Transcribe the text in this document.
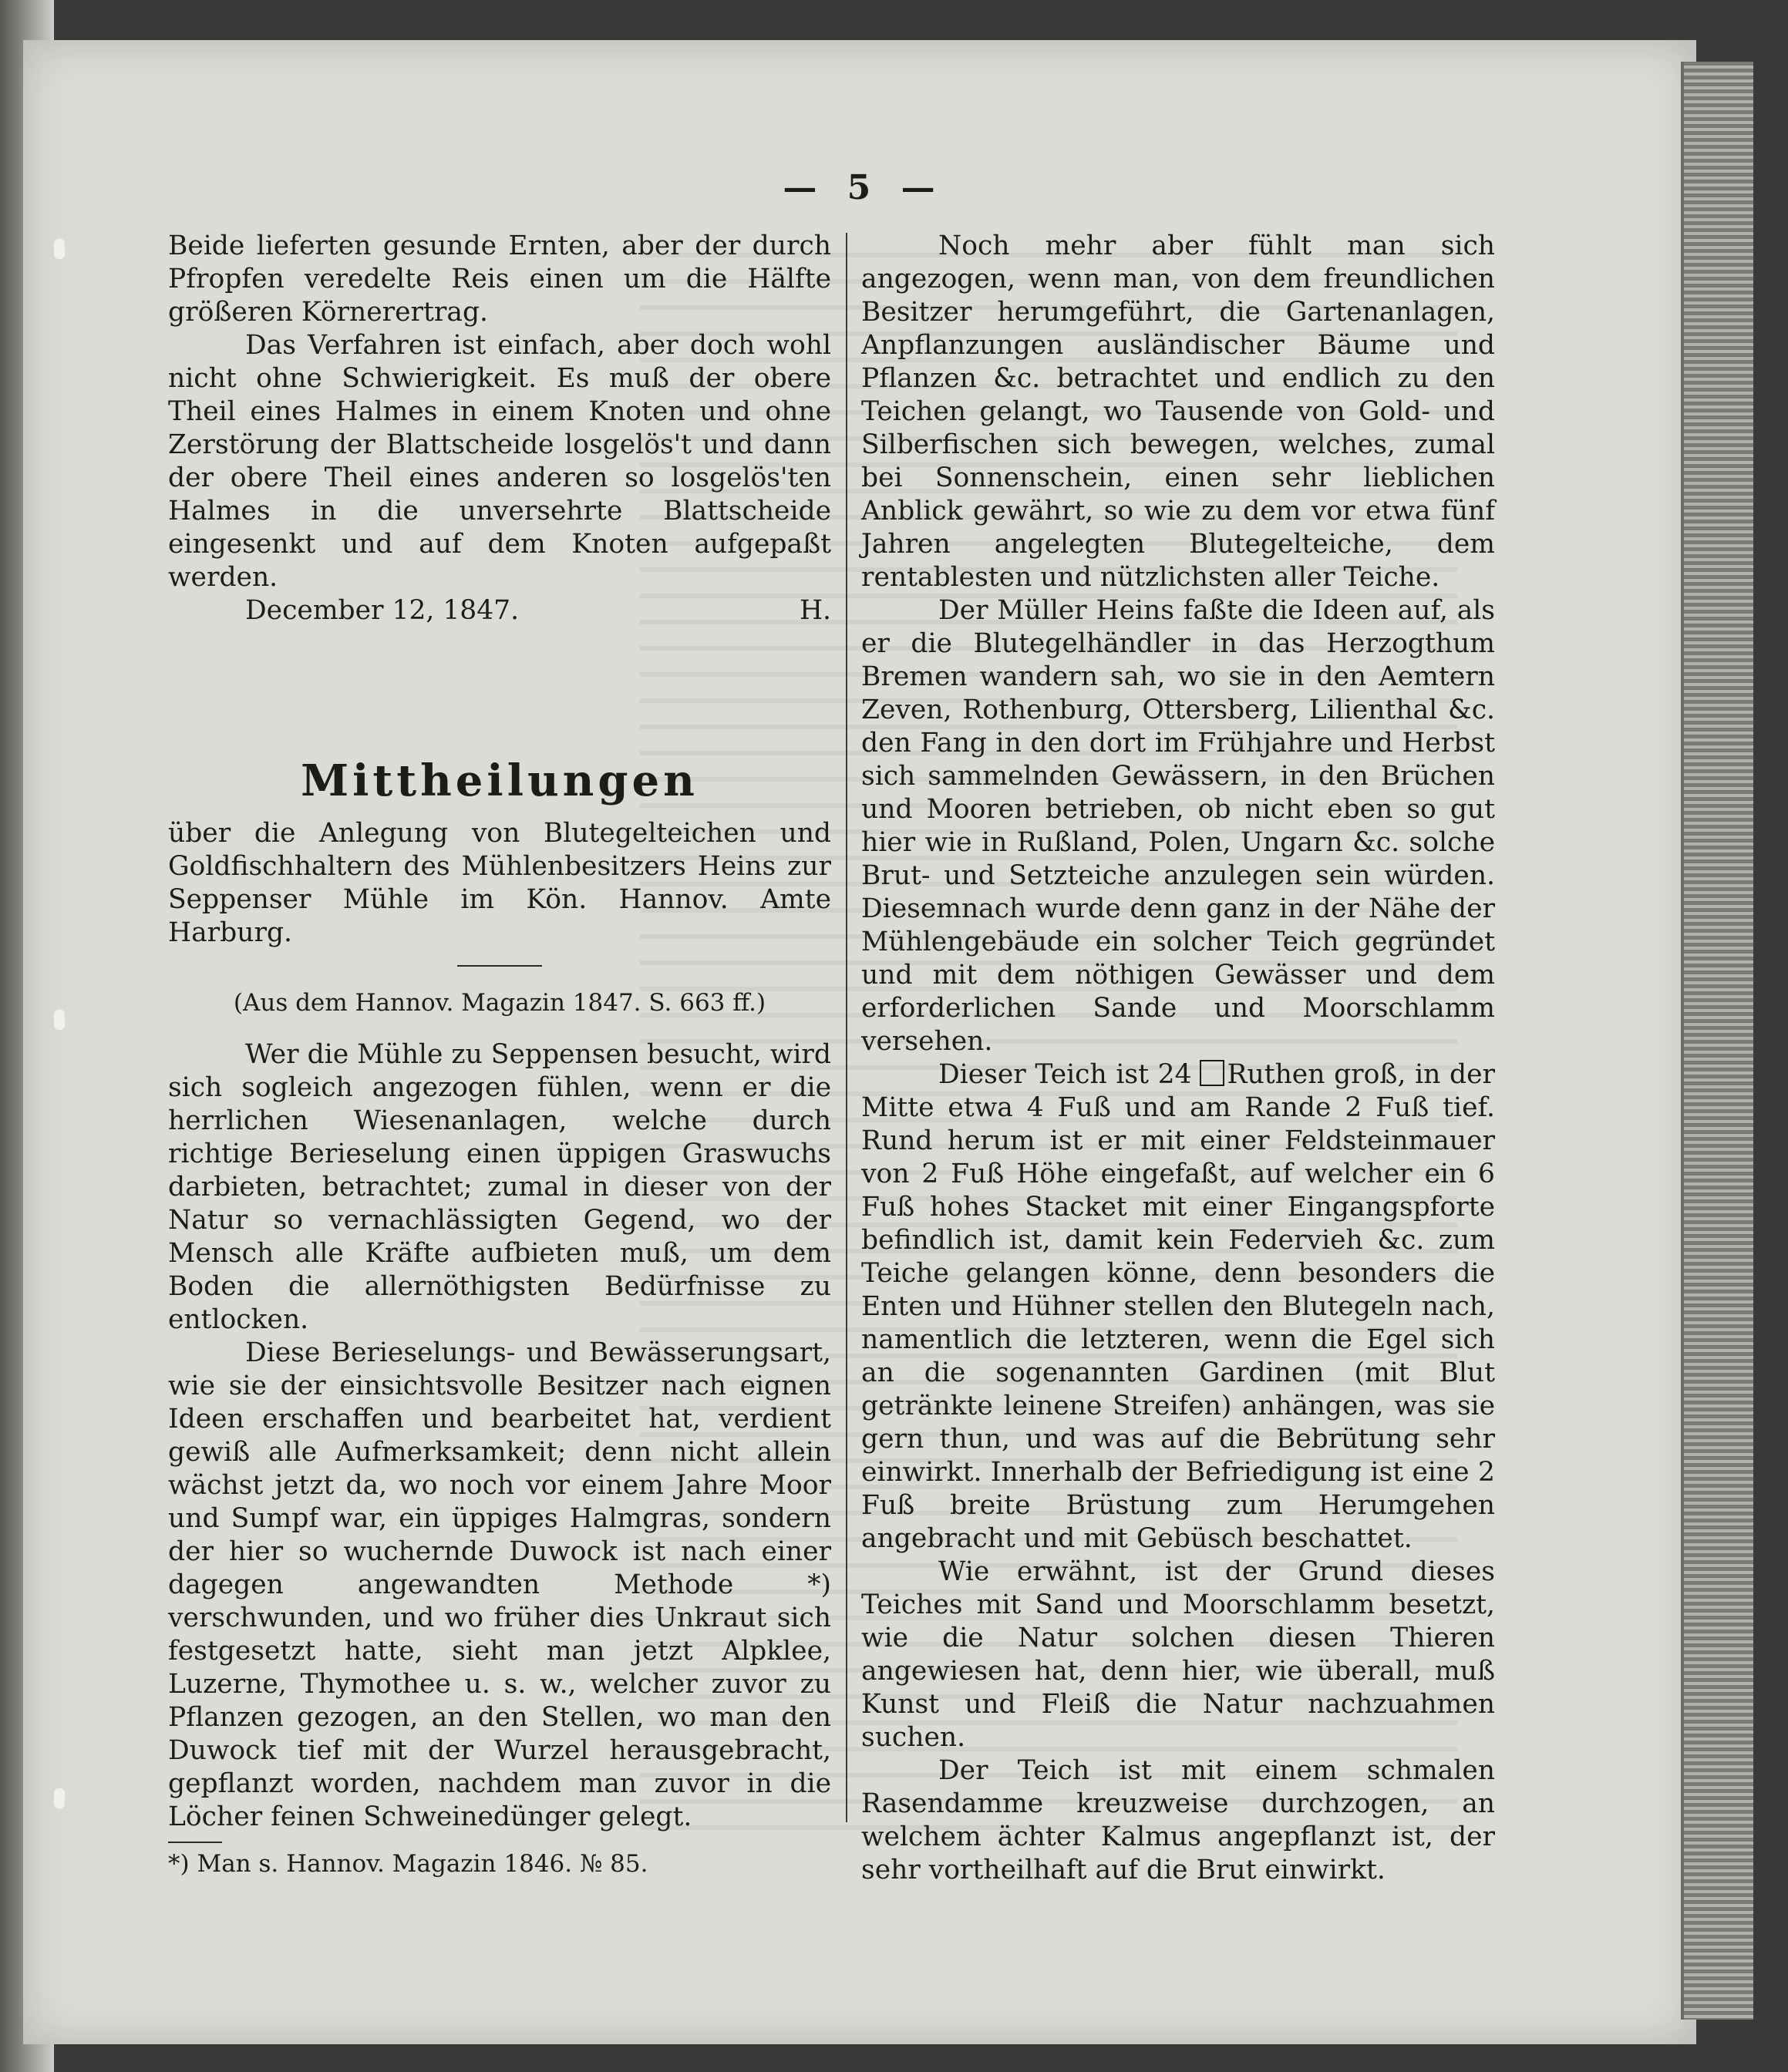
— 5 —

Beide lieferten gesunde Ernten, aber der durch Pfropfen veredelte Reis einen um die Hälfte größeren Körnerertrag.

Das Verfahren ist einfach, aber doch wohl nicht ohne Schwierigkeit. Es muß der obere Theil eines Halmes in einem Knoten und ohne Zerstörung der Blattscheide losgelös't und dann der obere Theil eines anderen so losgelös'ten Halmes in die unversehrte Blattscheide eingesenkt und auf dem Knoten aufgepaßt werden.

December 12, 1847.	H.
Mittheilungen

über die Anlegung von Blutegelteichen und Goldfischhaltern des Mühlenbesitzers Heins zur Seppenser Mühle im Kön. Hannov. Amte Harburg.

(Aus dem Hannov. Magazin 1847. S. 663 ff.)

Wer die Mühle zu Seppensen besucht, wird sich sogleich angezogen fühlen, wenn er die herrlichen Wiesenanlagen, welche durch richtige Berieselung einen üppigen Graswuchs darbieten, betrachtet; zumal in dieser von der Natur so vernachlässigten Gegend, wo der Mensch alle Kräfte aufbieten muß, um dem Boden die allernöthigsten Bedürfnisse zu entlocken.

Diese Berieselungs- und Bewässerungsart, wie sie der einsichtsvolle Besitzer nach eignen Ideen erschaffen und bearbeitet hat, verdient gewiß alle Aufmerksamkeit; denn nicht allein wächst jetzt da, wo noch vor einem Jahre Moor und Sumpf war, ein üppiges Halmgras, sondern der hier so wuchernde Duwock ist nach einer dagegen angewandten Methode *) verschwunden, und wo früher dies Unkraut sich festgesetzt hatte, sieht man jetzt Alpklee, Luzerne, Thymothee u. s. w., welcher zuvor zu Pflanzen gezogen, an den Stellen, wo man den Duwock tief mit der Wurzel herausgebracht, gepflanzt worden, nachdem man zuvor in die Löcher feinen Schweinedünger gelegt.

*) Man s. Hannov. Magazin 1846. № 85.

Noch mehr aber fühlt man sich angezogen, wenn man, von dem freundlichen Besitzer herumgeführt, die Gartenanlagen, Anpflanzungen ausländischer Bäume und Pflanzen &c. betrachtet und endlich zu den Teichen gelangt, wo Tausende von Gold- und Silberfischen sich bewegen, welches, zumal bei Sonnenschein, einen sehr lieblichen Anblick gewährt, so wie zu dem vor etwa fünf Jahren angelegten Blutegelteiche, dem rentablesten und nützlichsten aller Teiche.

Der Müller Heins faßte die Ideen auf, als er die Blutegelhändler in das Herzogthum Bremen wandern sah, wo sie in den Aemtern Zeven, Rothenburg, Ottersberg, Lilienthal &c. den Fang in den dort im Frühjahre und Herbst sich sammelnden Gewässern, in den Brüchen und Mooren betrieben, ob nicht eben so gut hier wie in Rußland, Polen, Ungarn &c. solche Brut- und Setzteiche anzulegen sein würden. Diesemnach wurde denn ganz in der Nähe der Mühlengebäude ein solcher Teich gegründet und mit dem nöthigen Gewässer und dem erforderlichen Sande und Moorschlamm versehen.

Dieser Teich ist 24 Ruthen groß, in der Mitte etwa 4 Fuß und am Rande 2 Fuß tief. Rund herum ist er mit einer Feldsteinmauer von 2 Fuß Höhe eingefaßt, auf welcher ein 6 Fuß hohes Stacket mit einer Eingangspforte befindlich ist, damit kein Federvieh &c. zum Teiche gelangen könne, denn besonders die Enten und Hühner stellen den Blutegeln nach, namentlich die letzteren, wenn die Egel sich an die sogenannten Gardinen (mit Blut getränkte leinene Streifen) anhängen, was sie gern thun, und was auf die Bebrütung sehr einwirkt. Innerhalb der Befriedigung ist eine 2 Fuß breite Brüstung zum Herumgehen angebracht und mit Gebüsch beschattet.

Wie erwähnt, ist der Grund dieses Teiches mit Sand und Moorschlamm besetzt, wie die Natur solchen diesen Thieren angewiesen hat, denn hier, wie überall, muß Kunst und Fleiß die Natur nachzuahmen suchen.

Der Teich ist mit einem schmalen Rasendamme kreuzweise durchzogen, an welchem ächter Kalmus angepflanzt ist, der sehr vortheilhaft auf die Brut einwirkt.
